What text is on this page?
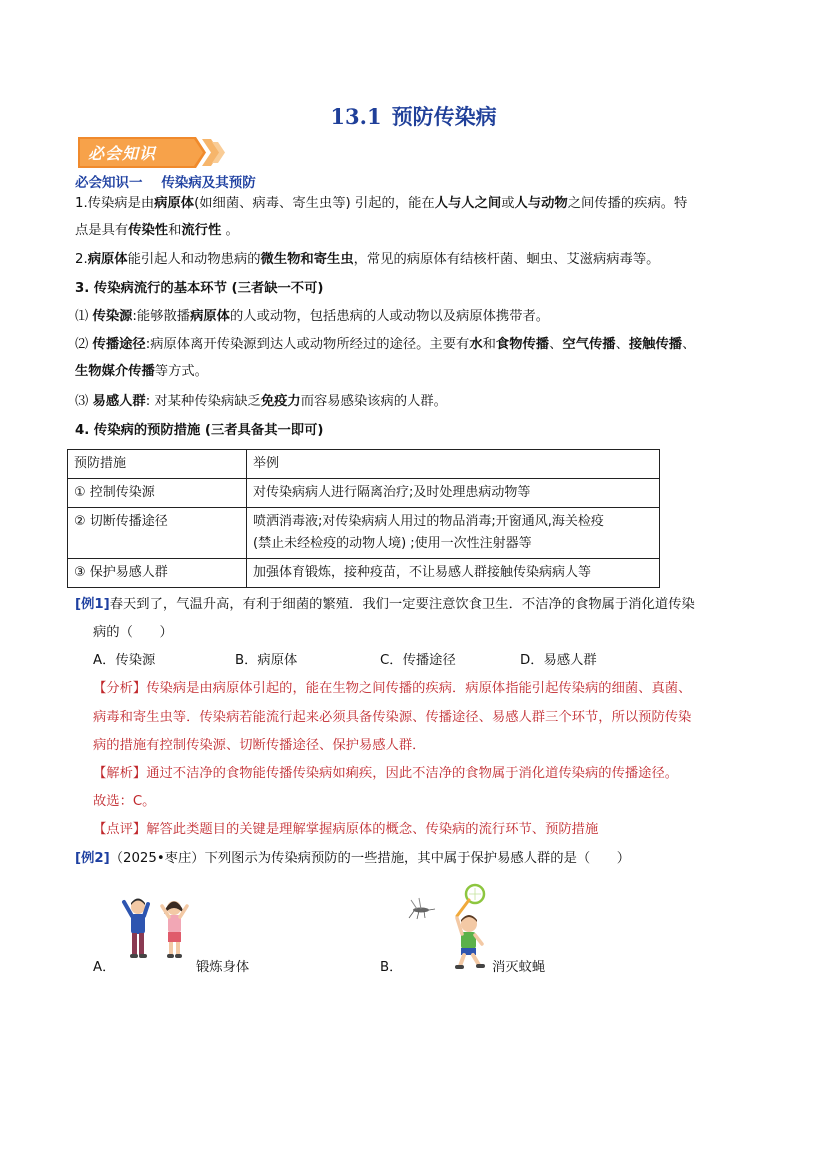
13.1 预防传染病
必会知识
必会知识一 传染病及其预防
1.传染病是由病原体(如细菌、病毒、寄生虫等) 引起的，能在人与人之间或人与动物之间传播的疾病。特
点是具有传染性和流行性 。
2.病原体能引起人和动物患病的微生物和寄生虫，常见的病原体有结核杆菌、蛔虫、艾滋病病毒等。
3. 传染病流行的基本环节 (三者缺一不可)
⑴ 传染源:能够散播病原体的人或动物，包括患病的人或动物以及病原体携带者。
⑵ 传播途径:病原体离开传染源到达人或动物所经过的途径。主要有水和食物传播、空气传播、接触传播、
生物媒介传播等方式。
⑶ 易感人群: 对某种传染病缺乏免疫力而容易感染该病的人群。
4. 传染病的预防措施 (三者具备其一即可)
预防措施	举例
① 控制传染源	对传染病病人进行隔离治疗;及时处理患病动物等
② 切断传播途径	喷洒消毒液;对传染病病人用过的物品消毒;开窗通风,海关检疫
(禁止未经检疫的动物人境) ;使用一次性注射器等

③ 保护易感人群	加强体育锻炼，接种疫苗，不让易感人群接触传染病病人等
[例1]春天到了，气温升高，有利于细菌的繁殖．我们一定要注意饮食卫生．不洁净的食物属于消化道传染
病的（　　）
A．传染源	B．病原体	C．传播途径	D．易感人群
【分析】传染病是由病原体引起的，能在生物之间传播的疾病．病原体指能引起传染病的细菌、真菌、
病毒和寄生虫等．传染病若能流行起来必须具备传染源、传播途径、易感人群三个环节，所以预防传染
病的措施有控制传染源、切断传播途径、保护易感人群．
【解析】通过不洁净的食物能传播传染病如痢疾，因此不洁净的食物属于消化道传染病的传播途径。
故选：C。
【点评】解答此类题目的关键是理解掌握病原体的概念、传染病的流行环节、预防措施
[例2]（2025•枣庄）下列图示为传染病预防的一些措施，其中属于保护易感人群的是（　　）
A．	锻炼身体	B．	消灭蚊蝇
